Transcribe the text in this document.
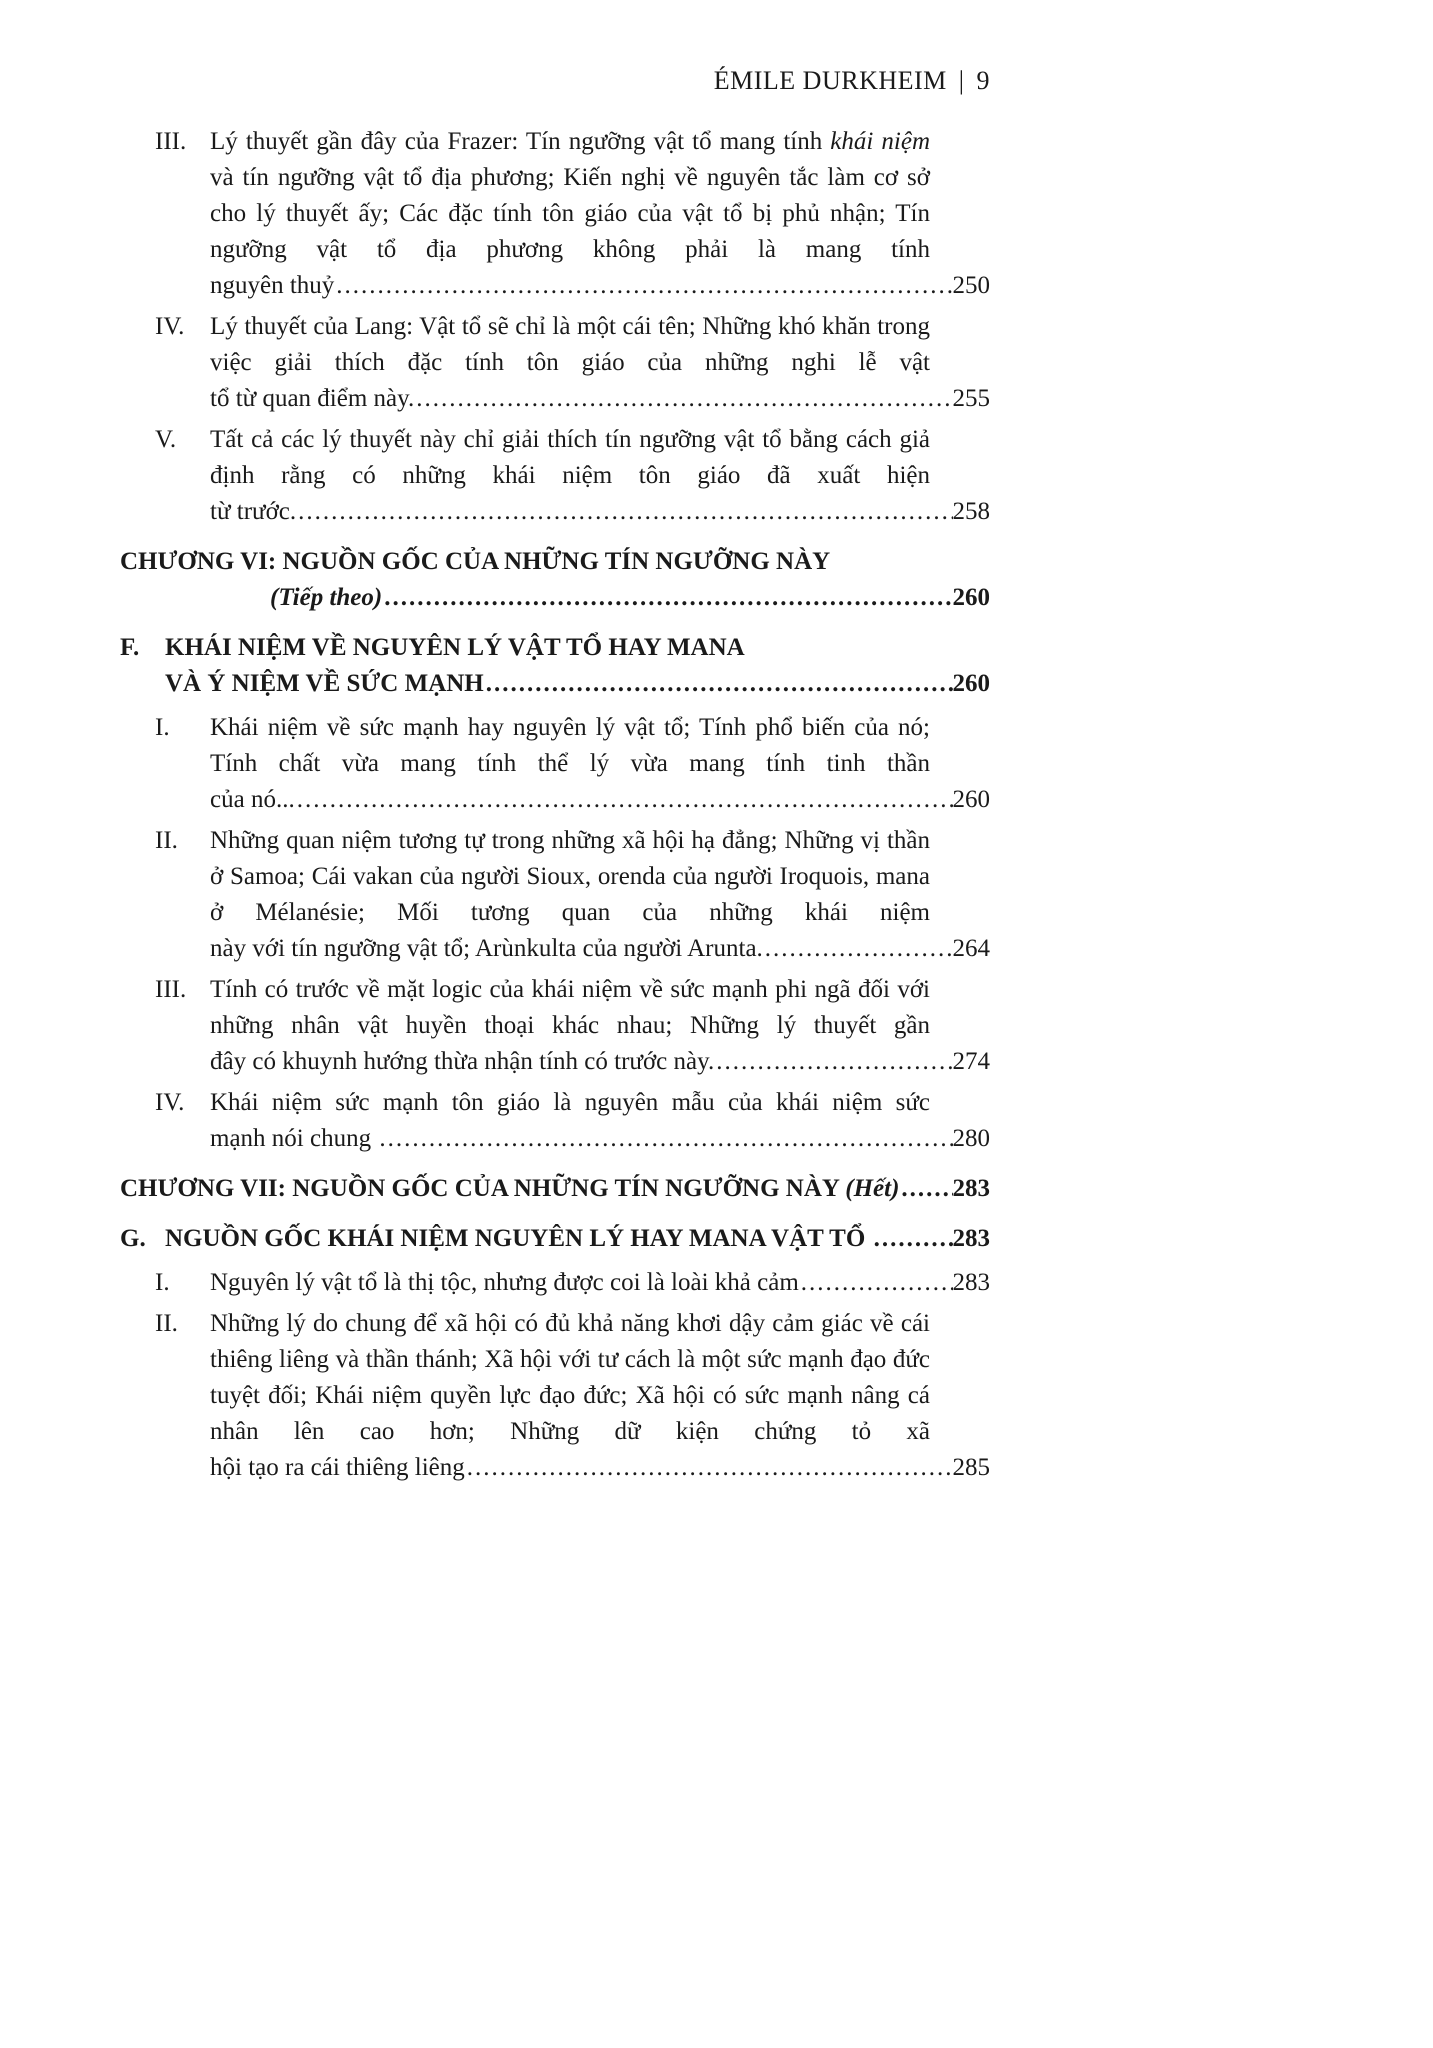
ÉMILE DURKHEIM | 9
III. Lý thuyết gần đây của Frazer: Tín ngưỡng vật tổ mang tính khái niệm và tín ngưỡng vật tổ địa phương; Kiến nghị về nguyên tắc làm cơ sở cho lý thuyết ấy; Các đặc tính tôn giáo của vật tổ bị phủ nhận; Tín ngưỡng vật tổ địa phương không phải là mang tính
nguyên thuỷ .....	250
IV.	Lý thuyết của Lang: Vật tổ sẽ chỉ là một cái tên; Những khó khăn trong việc giải thích đặc tính tôn giáo của những nghi lễ vật
tổ từ quan điểm này. .....	255
V.	Tất cả các lý thuyết này chỉ giải thích tín ngưỡng vật tổ bằng cách giả định rằng có những khái niệm tôn giáo đã xuất hiện
từ trước. .....	258
CHƯƠNG VI: NGUỒN GỐC CỦA NHỮNG TÍN NGƯỠNG NÀY
(Tiếp theo) .....	260
F.	KHÁI NIỆM VỀ NGUYÊN LÝ VẬT TỔ HAY MANA
VÀ Ý NIỆM VỀ SỨC MẠNH .....	260
I.	Khái niệm về sức mạnh hay nguyên lý vật tổ; Tính phổ biến của nó; Tính chất vừa mang tính thể lý vừa mang tính tinh thần
của nó... .....	260
II.	Những quan niệm tương tự trong những xã hội hạ đẳng; Những vị thần ở Samoa; Cái vakan của người Sioux, orenda của người Iroquois, mana ở Mélanésie; Mối tương quan của những khái niệm
này với tín ngưỡng vật tổ; Arùnkulta của người Arunta. .....	264
III. Tính có trước về mặt logic của khái niệm về sức mạnh phi ngã đối với những nhân vật huyền thoại khác nhau; Những lý thuyết gần
đây có khuynh hướng thừa nhận tính có trước này. .....	274
IV.	Khái niệm sức mạnh tôn giáo là nguyên mẫu của khái niệm sức
mạnh nói chung .....	280
CHƯƠNG VII: NGUỒN GỐC CỦA NHỮNG TÍN NGƯỠNG NÀY (Hết) ..... 283
G. NGUỒN GỐC KHÁI NIỆM NGUYÊN LÝ HAY MANA VẬT TỔ .....	283
I.	Nguyên lý vật tổ là thị tộc, nhưng được coi là loài khả cảm .....	283
II.	Những lý do chung để xã hội có đủ khả năng khơi dậy cảm giác về cái thiêng liêng và thần thánh; Xã hội với tư cách là một sức mạnh đạo đức tuyệt đối; Khái niệm quyền lực đạo đức; Xã hội có sức mạnh nâng cá nhân lên cao hơn; Những dữ kiện chứng tỏ xã
hội tạo ra cái thiêng liêng .....	285
